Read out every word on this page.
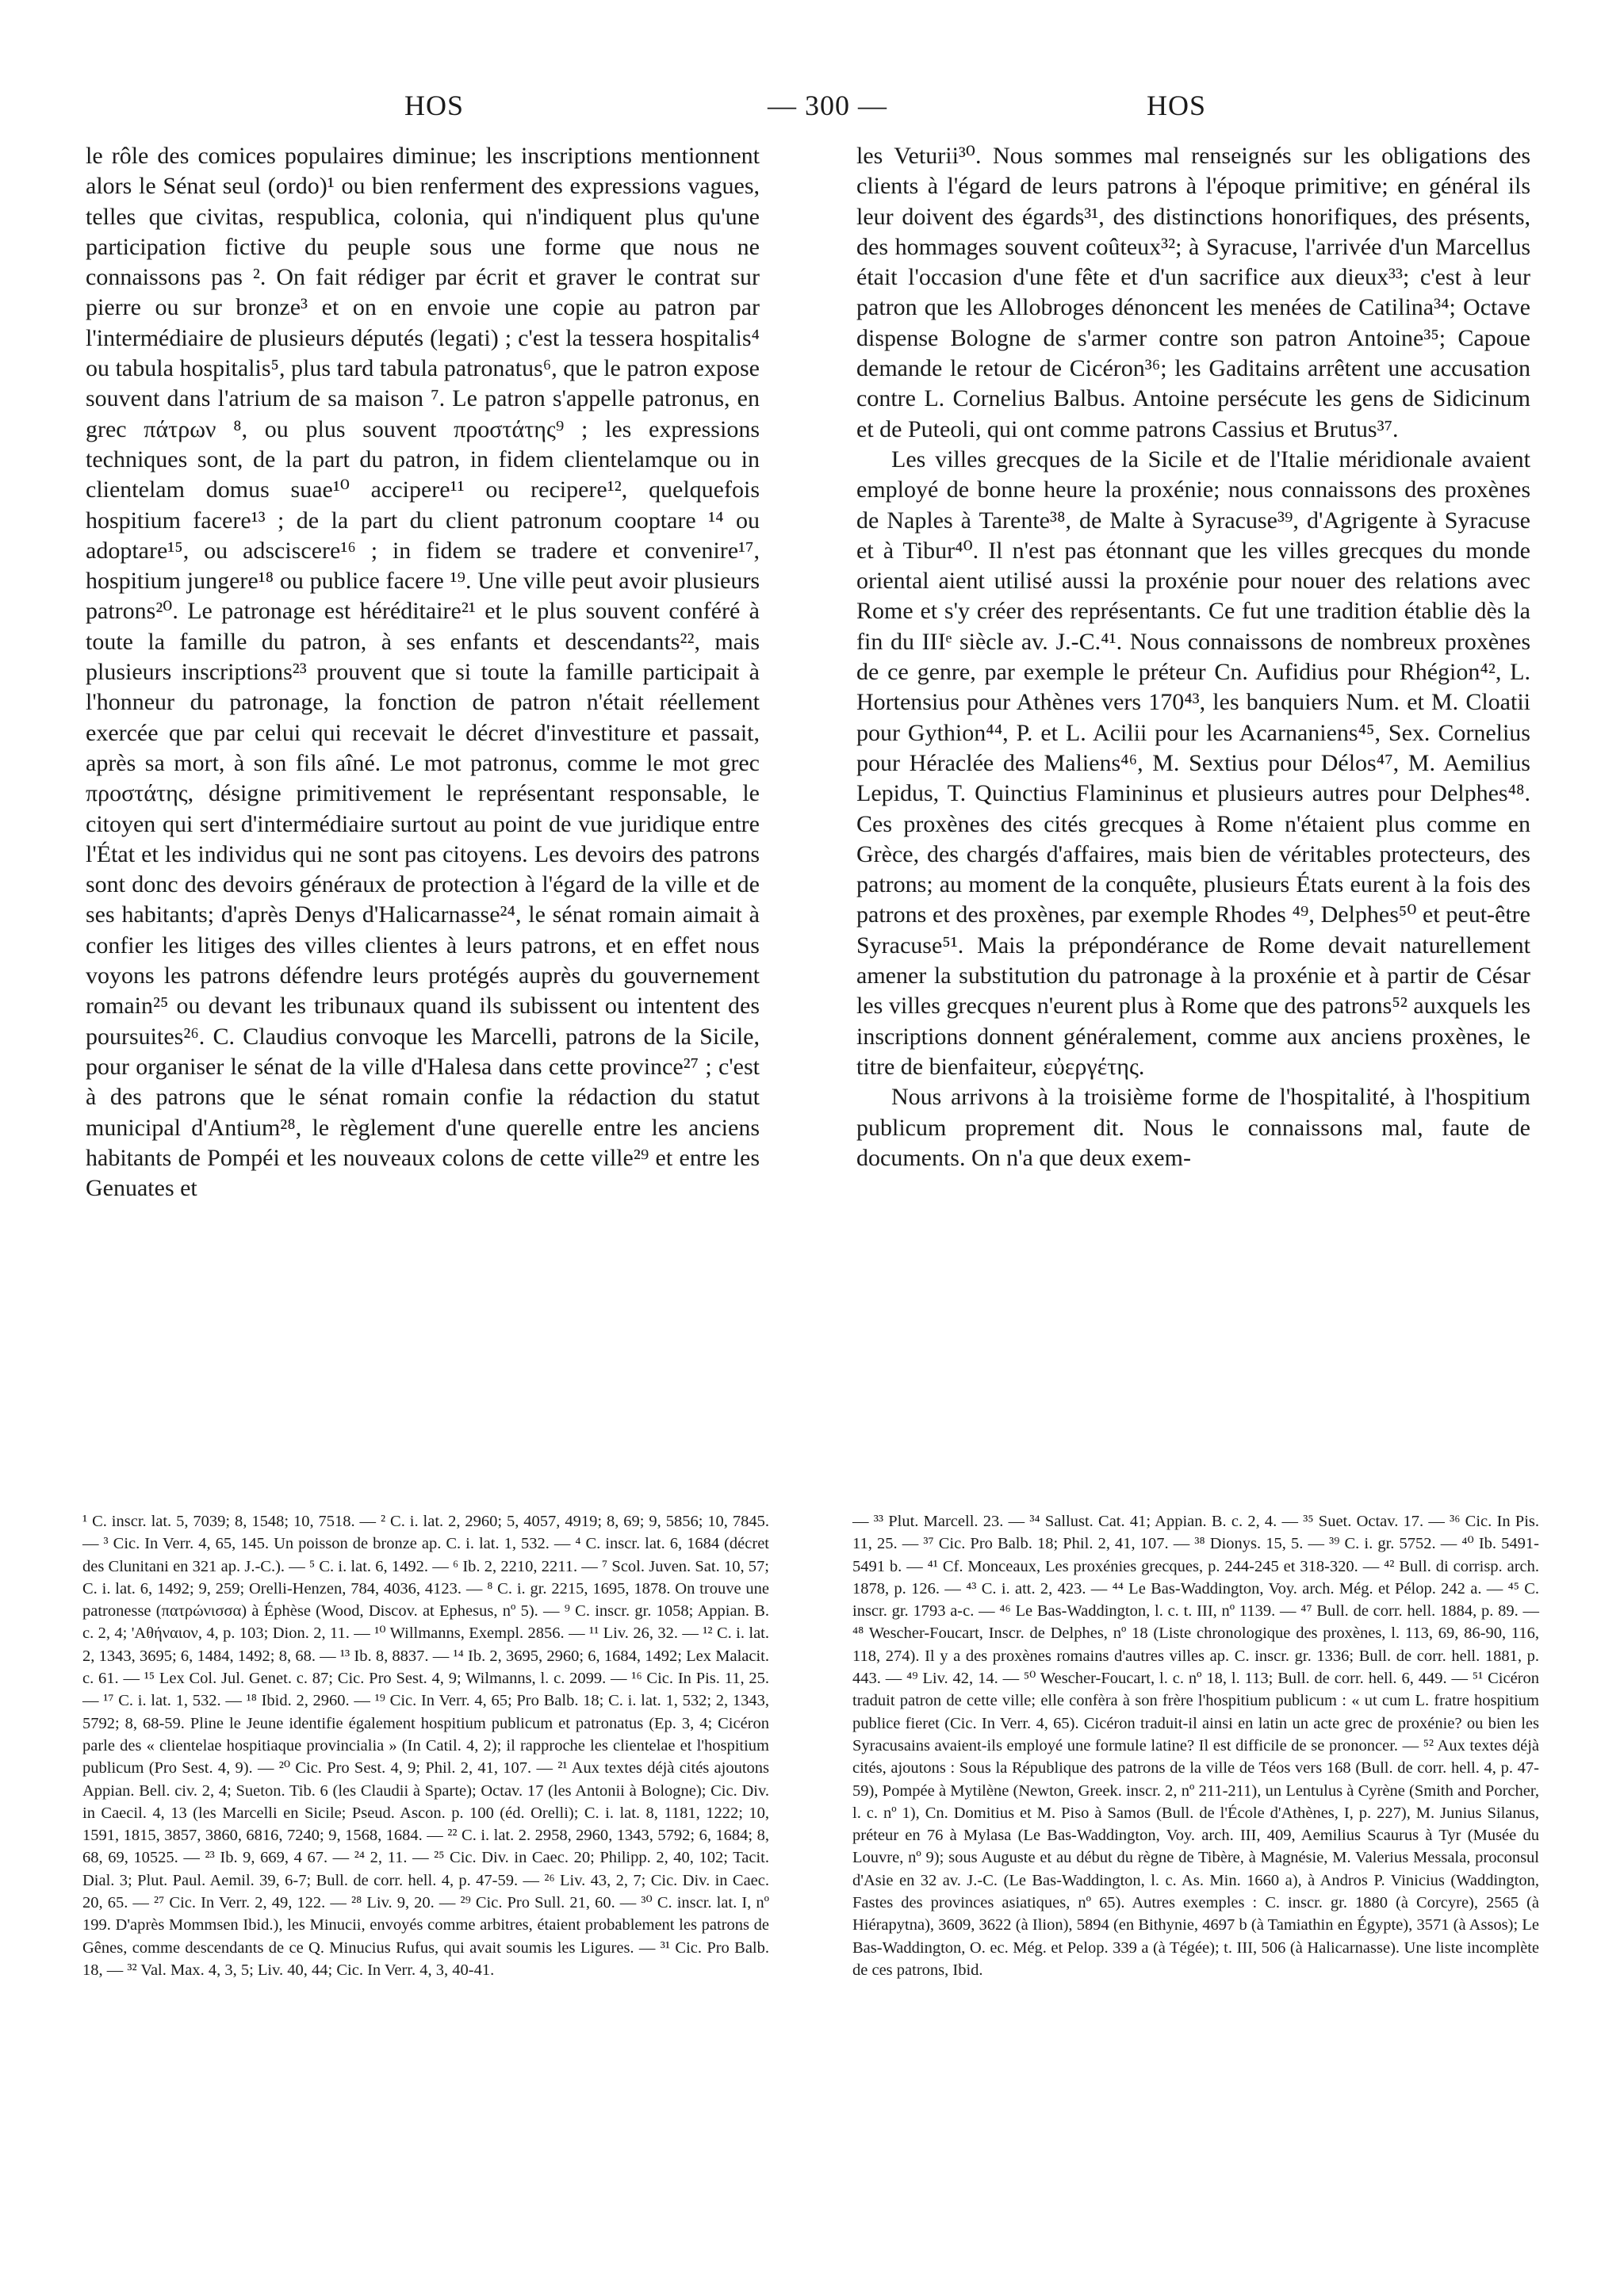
HOS	— 300 —	HOS

le rôle des comices populaires diminue; les inscriptions mentionnent alors le Sénat seul (ordo)¹ ou bien renferment des expressions vagues, telles que civitas, respublica, colonia, qui n'indiquent plus qu'une participation fictive du peuple sous une forme que nous ne connaissons pas ². On fait rédiger par écrit et graver le contrat sur pierre ou sur bronze³ et on en envoie une copie au patron par l'intermédiaire de plusieurs députés (legati) ; c'est la tessera hospitalis⁴ ou tabula hospitalis⁵, plus tard tabula patronatus⁶, que le patron expose souvent dans l'atrium de sa maison ⁷. Le patron s'appelle patronus, en grec πάτρων ⁸, ou plus souvent προστάτης⁹ ; les expressions techniques sont, de la part du patron, in fidem clientelamque ou in clientelam domus suae¹⁰ accipere¹¹ ou recipere¹², quelquefois hospitium facere¹³ ; de la part du client patronum cooptare ¹⁴ ou adoptare¹⁵, ou adsciscere¹⁶ ; in fidem se tradere et convenire¹⁷, hospitium jungere¹⁸ ou publice facere ¹⁹. Une ville peut avoir plusieurs patrons²⁰. Le patronage est héréditaire²¹ et le plus souvent conféré à toute la famille du patron, à ses enfants et descendants²², mais plusieurs inscriptions²³ prouvent que si toute la famille participait à l'honneur du patronage, la fonction de patron n'était réellement exercée que par celui qui recevait le décret d'investiture et passait, après sa mort, à son fils aîné. Le mot patronus, comme le mot grec προστάτης, désigne primitivement le représentant responsable, le citoyen qui sert d'intermédiaire surtout au point de vue juridique entre l'État et les individus qui ne sont pas citoyens. Les devoirs des patrons sont donc des devoirs généraux de protection à l'égard de la ville et de ses habitants; d'après Denys d'Halicarnasse²⁴, le sénat romain aimait à confier les litiges des villes clientes à leurs patrons, et en effet nous voyons les patrons défendre leurs protégés auprès du gouvernement romain²⁵ ou devant les tribunaux quand ils subissent ou intentent des poursuites²⁶. C. Claudius convoque les Marcelli, patrons de la Sicile, pour organiser le sénat de la ville d'Halesa dans cette province²⁷ ; c'est à des patrons que le sénat romain confie la rédaction du statut municipal d'Antium²⁸, le règlement d'une querelle entre les anciens habitants de Pompéi et les nouveaux colons de cette ville²⁹ et entre les Genuates et

les Veturii³⁰. Nous sommes mal renseignés sur les obligations des clients à l'égard de leurs patrons à l'époque primitive; en général ils leur doivent des égards³¹, des distinctions honorifiques, des présents, des hommages souvent coûteux³²; à Syracuse, l'arrivée d'un Marcellus était l'occasion d'une fête et d'un sacrifice aux dieux³³; c'est à leur patron que les Allobroges dénoncent les menées de Catilina³⁴; Octave dispense Bologne de s'armer contre son patron Antoine³⁵; Capoue demande le retour de Cicéron³⁶; les Gaditains arrêtent une accusation contre L. Cornelius Balbus. Antoine persécute les gens de Sidicinum et de Puteoli, qui ont comme patrons Cassius et Brutus³⁷.

Les villes grecques de la Sicile et de l'Italie méridionale avaient employé de bonne heure la proxénie; nous connaissons des proxènes de Naples à Tarente³⁸, de Malte à Syracuse³⁹, d'Agrigente à Syracuse et à Tibur⁴⁰. Il n'est pas étonnant que les villes grecques du monde oriental aient utilisé aussi la proxénie pour nouer des relations avec Rome et s'y créer des représentants. Ce fut une tradition établie dès la fin du IIIᵉ siècle av. J.-C.⁴¹. Nous connaissons de nombreux proxènes de ce genre, par exemple le préteur Cn. Aufidius pour Rhégion⁴², L. Hortensius pour Athènes vers 170⁴³, les banquiers Num. et M. Cloatii pour Gythion⁴⁴, P. et L. Acilii pour les Acarnaniens⁴⁵, Sex. Cornelius pour Héraclée des Maliens⁴⁶, M. Sextius pour Délos⁴⁷, M. Aemilius Lepidus, T. Quinctius Flamininus et plusieurs autres pour Delphes⁴⁸. Ces proxènes des cités grecques à Rome n'étaient plus comme en Grèce, des chargés d'affaires, mais bien de véritables protecteurs, des patrons; au moment de la conquête, plusieurs États eurent à la fois des patrons et des proxènes, par exemple Rhodes ⁴⁹, Delphes⁵⁰ et peut-être Syracuse⁵¹. Mais la prépondérance de Rome devait naturellement amener la substitution du patronage à la proxénie et à partir de César les villes grecques n'eurent plus à Rome que des patrons⁵² auxquels les inscriptions donnent généralement, comme aux anciens proxènes, le titre de bienfaiteur, εὐεργέτης.

Nous arrivons à la troisième forme de l'hospitalité, à l'hospitium publicum proprement dit. Nous le connaissons mal, faute de documents. On n'a que deux exem-

¹ C. inscr. lat. 5, 7039; 8, 1548; 10, 7518. — ² C. i. lat. 2, 2960; 5, 4057, 4919; 8, 69; 9, 5856; 10, 7845. — ³ Cic. In Verr. 4, 65, 145. Un poisson de bronze ap. C. i. lat. 1, 532. — ⁴ C. inscr. lat. 6, 1684 (décret des Clunitani en 321 ap. J.-C.). — ⁵ C. i. lat. 6, 1492. — ⁶ Ib. 2, 2210, 2211. — ⁷ Scol. Juven. Sat. 10, 57; C. i. lat. 6, 1492; 9, 259; Orelli-Henzen, 784, 4036, 4123. — ⁸ C. i. gr. 2215, 1695, 1878. On trouve une patronesse (πατρώνισσα) à Éphèse (Wood, Discov. at Ephesus, nº 5). — ⁹ C. inscr. gr. 1058; Appian. B. c. 2, 4; 'Αθήναιον, 4, p. 103; Dion. 2, 11. — ¹⁰ Willmanns, Exempl. 2856. — ¹¹ Liv. 26, 32. — ¹² C. i. lat. 2, 1343, 3695; 6, 1484, 1492; 8, 68. — ¹³ Ib. 8, 8837. — ¹⁴ Ib. 2, 3695, 2960; 6, 1684, 1492; Lex Malacit. c. 61. — ¹⁵ Lex Col. Jul. Genet. c. 87; Cic. Pro Sest. 4, 9; Wilmanns, l. c. 2099. — ¹⁶ Cic. In Pis. 11, 25. — ¹⁷ C. i. lat. 1, 532. — ¹⁸ Ibid. 2, 2960. — ¹⁹ Cic. In Verr. 4, 65; Pro Balb. 18; C. i. lat. 1, 532; 2, 1343, 5792; 8, 68-59. Pline le Jeune identifie également hospitium publicum et patronatus (Ep. 3, 4; Cicéron parle des « clientelae hospitiaque provincialia » (In Catil. 4, 2); il rapproche les clientelae et l'hospitium publicum (Pro Sest. 4, 9). — ²⁰ Cic. Pro Sest. 4, 9; Phil. 2, 41, 107. — ²¹ Aux textes déjà cités ajoutons Appian. Bell. civ. 2, 4; Sueton. Tib. 6 (les Claudii à Sparte); Octav. 17 (les Antonii à Bologne); Cic. Div. in Caecil. 4, 13 (les Marcelli en Sicile; Pseud. Ascon. p. 100 (éd. Orelli); C. i. lat. 8, 1181, 1222; 10, 1591, 1815, 3857, 3860, 6816, 7240; 9, 1568, 1684. — ²² C. i. lat. 2. 2958, 2960, 1343, 5792; 6, 1684; 8, 68, 69, 10525. — ²³ Ib. 9, 669, 4 67. — ²⁴ 2, 11. — ²⁵ Cic. Div. in Caec. 20; Philipp. 2, 40, 102; Tacit. Dial. 3; Plut. Paul. Aemil. 39, 6-7; Bull. de corr. hell. 4, p. 47-59. — ²⁶ Liv. 43, 2, 7; Cic. Div. in Caec. 20, 65. — ²⁷ Cic. In Verr. 2, 49, 122. — ²⁸ Liv. 9, 20. — ²⁹ Cic. Pro Sull. 21, 60. — ³⁰ C. inscr. lat. I, nº 199. D'après Mommsen Ibid.), les Minucii, envoyés comme arbitres, étaient probablement les patrons de Gênes, comme descendants de ce Q. Minucius Rufus, qui avait soumis les Ligures. — ³¹ Cic. Pro Balb. 18, — ³² Val. Max. 4, 3, 5; Liv. 40, 44; Cic. In Verr. 4, 3, 40-41.

— ³³ Plut. Marcell. 23. — ³⁴ Sallust. Cat. 41; Appian. B. c. 2, 4. — ³⁵ Suet. Octav. 17. — ³⁶ Cic. In Pis. 11, 25. — ³⁷ Cic. Pro Balb. 18; Phil. 2, 41, 107. — ³⁸ Dionys. 15, 5. — ³⁹ C. i. gr. 5752. — ⁴⁰ Ib. 5491-5491 b. — ⁴¹ Cf. Monceaux, Les proxénies grecques, p. 244-245 et 318-320. — ⁴² Bull. di corrisp. arch. 1878, p. 126. — ⁴³ C. i. att. 2, 423. — ⁴⁴ Le Bas-Waddington, Voy. arch. Még. et Pélop. 242 a. — ⁴⁵ C. inscr. gr. 1793 a-c. — ⁴⁶ Le Bas-Waddington, l. c. t. III, nº 1139. — ⁴⁷ Bull. de corr. hell. 1884, p. 89. — ⁴⁸ Wescher-Foucart, Inscr. de Delphes, nº 18 (Liste chronologique des proxènes, l. 113, 69, 86-90, 116, 118, 274). Il y a des proxènes romains d'autres villes ap. C. inscr. gr. 1336; Bull. de corr. hell. 1881, p. 443. — ⁴⁹ Liv. 42, 14. — ⁵⁰ Wescher-Foucart, l. c. nº 18, l. 113; Bull. de corr. hell. 6, 449. — ⁵¹ Cicéron traduit patron de cette ville; elle confèra à son frère l'hospitium publicum : « ut cum L. fratre hospitium publice fieret (Cic. In Verr. 4, 65). Cicéron traduit-il ainsi en latin un acte grec de proxénie? ou bien les Syracusains avaient-ils employé une formule latine? Il est difficile de se prononcer. — ⁵² Aux textes déjà cités, ajoutons : Sous la République des patrons de la ville de Téos vers 168 (Bull. de corr. hell. 4, p. 47-59), Pompée à Mytilène (Newton, Greek. inscr. 2, nº 211-211), un Lentulus à Cyrène (Smith and Porcher, l. c. nº 1), Cn. Domitius et M. Piso à Samos (Bull. de l'École d'Athènes, I, p. 227), M. Junius Silanus, préteur en 76 à Mylasa (Le Bas-Waddington, Voy. arch. III, 409, Aemilius Scaurus à Tyr (Musée du Louvre, nº 9); sous Auguste et au début du règne de Tibère, à Magnésie, M. Valerius Messala, proconsul d'Asie en 32 av. J.-C. (Le Bas-Waddington, l. c. As. Min. 1660 a), à Andros P. Vinicius (Waddington, Fastes des provinces asiatiques, nº 65). Autres exemples : C. inscr. gr. 1880 (à Corcyre), 2565 (à Hiérapytna), 3609, 3622 (à Ilion), 5894 (en Bithynie, 4697 b (à Tamiathin en Égypte), 3571 (à Assos); Le Bas-Waddington, O. ec. Még. et Pelop. 339 a (à Tégée); t. III, 506 (à Halicarnasse). Une liste incomplète de ces patrons, Ibid.
